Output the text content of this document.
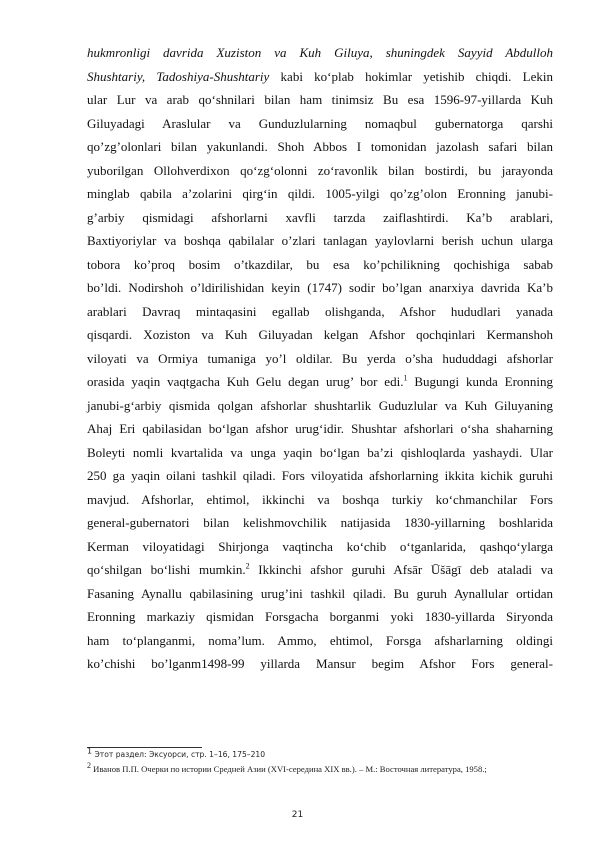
hukmronligi davrida Xuziston va Kuh Giluya, shuningdek Sayyid Abdulloh
Shushtariy, Tadoshiya-Shushtariy kabi ko‘plab hokimlar yetishib chiqdi. Lekin
ular Lur va arab qo‘shnilari bilan ham tinimsiz Bu esa 1596-97-yillarda Kuh
Giluyadagi Araslular va Gunduzlularning nomaqbul gubernatorga qarshi
qo’zg’olonlari bilan yakunlandi. Shoh Abbos I tomonidan jazolash safari bilan
yuborilgan Ollohverdixon qo‘zg‘olonni zo‘ravonlik bilan bostirdi, bu jarayonda
minglab qabila a’zolarini qirg‘in qildi. 1005-yilgi qo’zg’olon Eronning janubi-
g’arbiy qismidagi afshorlarni xavfli tarzda zaiflashtirdi. Ka’b arablari,
Baxtiyoriylar va boshqa qabilalar o’zlari tanlagan yaylovlarni berish uchun ularga
tobora ko’proq bosim o’tkazdilar, bu esa ko’pchilikning qochishiga sabab
bo’ldi. Nodirshoh o’ldirilishidan keyin (1747) sodir bo’lgan anarxiya davrida Ka’b
arablari Davraq mintaqasini egallab olishganda, Afshor hududlari yanada
qisqardi. Xoziston va Kuh Giluyadan kelgan Afshor qochqinlari Kermanshoh
viloyati va Ormiya tumaniga yo’l oldilar. Bu yerda o’sha hududdagi afshorlar
orasida yaqin vaqtgacha Kuh Gelu degan urug’ bor edi.$^1$ Bugungi kunda Eronning
janubi-g‘arbiy qismida qolgan afshorlar shushtarlik Guduzlular va Kuh Giluyaning
Ahaj Eri qabilasidan bo‘lgan afshor urug‘idir. Shushtar afshorlari o‘sha shaharning
Boleyti nomli kvartalida va unga yaqin bo‘lgan ba’zi qishloqlarda yashaydi. Ular
250 ga yaqin oilani tashkil qiladi. Fors viloyatida afshorlarning ikkita kichik guruhi
mavjud. Afshorlar, ehtimol, ikkinchi va boshqa turkiy ko‘chmanchilar Fors
general-gubernatori bilan kelishmovchilik natijasida 1830-yillarning boshlarida
Kerman viloyatidagi Shirjonga vaqtincha ko‘chib o‘tganlarida, qashqo‘ylarga
qo‘shilgan bo‘lishi mumkin.$^2$ Ikkinchi afshor guruhi Afsār Ūšāgī deb ataladi va
Fasaning Aynallu qabilasining urug’ini tashkil qiladi. Bu guruh Aynallular ortidan
Eronning markaziy qismidan Forsgacha borganmi yoki 1830-yillarda Siryonda
ham to‘planganmi, noma’lum. Ammo, ehtimol, Forsga afsharlarning oldingi
ko’chishi bo’lganm1498-99 yillarda Mansur begim Afshor Fors general-
$^1$ Этот раздел: Эксуорси, стр. 1–16, 175–210
$^2$ Иванов П.П. Очерки по истории Средней Азии (XVI-середина XIX вв.). – М.: Восточная литература, 1958.;
21
